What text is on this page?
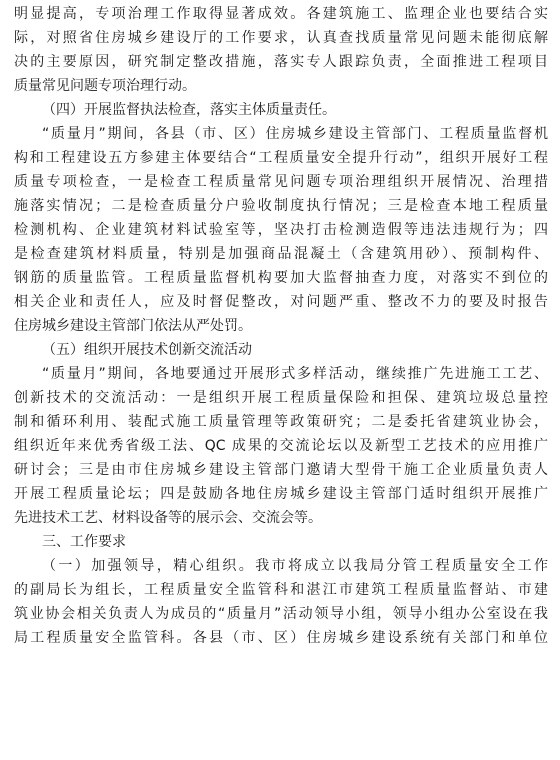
明显提高，专项治理工作取得显著成效。各建筑施工、监理企业也要结合实
际，对照省住房城乡建设厅的工作要求，认真查找质量常见问题未能彻底解
决的主要原因，研究制定整改措施，落实专人跟踪负责，全面推进工程项目
质量常见问题专项治理行动。
（四）开展监督执法检查，落实主体质量责任。
“质量月”期间，各县（市、区）住房城乡建设主管部门、工程质量监督机
构和工程建设五方参建主体要结合“工程质量安全提升行动”，组织开展好工程
质量专项检查，一是检查工程质量常见问题专项治理组织开展情况、治理措
施落实情况；二是检查质量分户验收制度执行情况；三是检查本地工程质量
检测机构、企业建筑材料试验室等，坚决打击检测造假等违法违规行为；四
是检查建筑材料质量，特别是加强商品混凝土（含建筑用砂）、预制构件、
钢筋的质量监管。工程质量监督机构要加大监督抽查力度，对落实不到位的
相关企业和责任人，应及时督促整改，对问题严重、整改不力的要及时报告
住房城乡建设主管部门依法从严处罚。
（五）组织开展技术创新交流活动
“质量月”期间，各地要通过开展形式多样活动，继续推广先进施工工艺、
创新技术的交流活动：一是组织开展工程质量保险和担保、建筑垃圾总量控
制和循环利用、装配式施工质量管理等政策研究；二是委托省建筑业协会，
组织近年来优秀省级工法、QC 成果的交流论坛以及新型工艺技术的应用推广
研讨会；三是由市住房城乡建设主管部门邀请大型骨干施工企业质量负责人
开展工程质量论坛；四是鼓励各地住房城乡建设主管部门适时组织开展推广
先进技术工艺、材料设备等的展示会、交流会等。
三、工作要求
（一）加强领导，精心组织。我市将成立以我局分管工程质量安全工作
的副局长为组长，工程质量安全监管科和湛江市建筑工程质量监督站、市建
筑业协会相关负责人为成员的“质量月”活动领导小组，领导小组办公室设在我
局工程质量安全监管科。各县（市、区）住房城乡建设系统有关部门和单位
